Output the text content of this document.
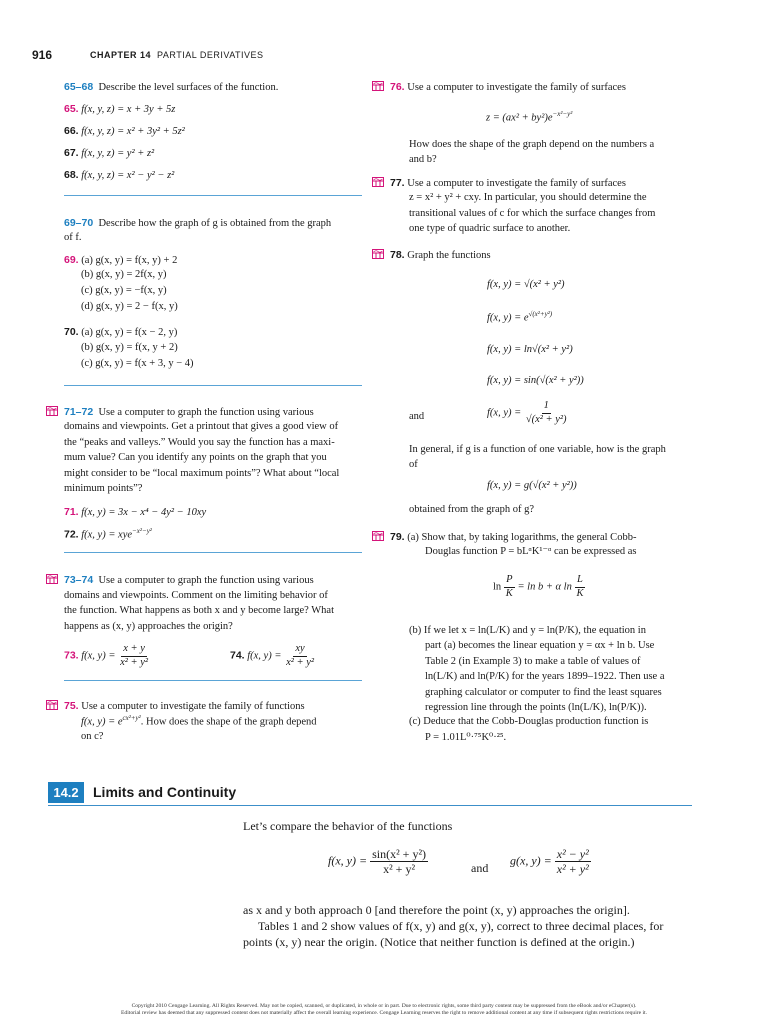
916	CHAPTER 14 PARTIAL DERIVATIVES
65–68 Describe the level surfaces of the function.
65. f(x, y, z) = x + 3y + 5z
66. f(x, y, z) = x² + 3y² + 5z²
67. f(x, y, z) = y² + z²
68. f(x, y, z) = x² − y² − z²
69–70 Describe how the graph of g is obtained from the graph
of f.
69. (a) g(x, y) = f(x, y) + 2
(b) g(x, y) = 2f(x, y)
(c) g(x, y) = −f(x, y)
(d) g(x, y) = 2 − f(x, y)
70. (a) g(x, y) = f(x − 2, y)
(b) g(x, y) = f(x, y + 2)
(c) g(x, y) = f(x + 3, y − 4)
71–72 Use a computer to graph the function using various
domains and viewpoints. Get a printout that gives a good view of
the “peaks and valleys.” Would you say the function has a maxi-
mum value? Can you identify any points on the graph that you
might consider to be “local maximum points”? What about “local
minimum points”?
71. f(x, y) = 3x − x⁴ − 4y² − 10xy
72. f(x, y) = xye$^{-x^2-y^2}$
73–74 Use a computer to graph the function using various
domains and viewpoints. Comment on the limiting behavior of
the function. What happens as both x and y become large? What
happens as (x, y) approaches the origin?
73. f(x, $y) = \frac{x + y}{\text{x² + y²}}$	74. f(x, $y) = \frac{xy}{\text{x² + y²}}$
75. Use a computer to investigate the family of functions
f(x, $y) = e^{cx^2+y^2}$. How does the shape of the graph depend
on c?
76. Use a computer to investigate the family of surfaces
$z = (ax^2 + by^2)e^{-x^2-y^2}$
How does the shape of the graph depend on the numbers a
and b?
77. Use a computer to investigate the family of surfaces
z = x² + y² + cxy. In particular, you should determine the
transitional values of c for which the surface changes from
one type of quadric surface to another.
78. Graph the functions
f(x, y) = √(x² + y²)
f(x, $y) = e^{√(x^2+y^2)}$
f(x, y) = ln√(x² + y²)
f(x, y) = sin(√(x² + y²))
and	f(x, $y) = \frac{1}{\text{√(x² + y²)}}$
In general, if g is a function of one variable, how is the graph
of
f(x, y) = g(√(x² + y²))
obtained from the graph of g?
79. (a) Show that, by taking logarithms, the general Cobb-
Douglas function P = bLᵅK¹⁻ᵅ can be expressed as
$\ln \frac{P}{K} = \ln b + \alpha$ $\ln \frac{L}{K}$
(b) If we let x = ln(L/K) and y = ln(P/K), the equation in
part (a) becomes the linear equation y = αx + ln b. Use
Table 2 (in Example 3) to make a table of values of
ln(L/K) and ln(P/K) for the years 1899–1922. Then use a
graphing calculator or computer to find the least squares
regression line through the points (ln(L/K), ln(P/K)).
(c) Deduce that the Cobb-Douglas production function is
P = 1.01L⁰·⁷⁵K⁰·²⁵.
14.2	Limits and Continuity
Let’s compare the behavior of the functions
f(x, $y) = \frac{\text{sin(x² + y²)}}{\text{x² + y²}}$	and
g(x, $y) = \frac{\text{x² − y²}}{\text{x² + y²}}$
as x and y both approach 0 [and therefore the point (x, y) approaches the origin].
Tables 1 and 2 show values of f(x, y) and g(x, y), correct to three decimal places, for
points (x, y) near the origin. (Notice that neither function is defined at the origin.)
Copyright 2010 Cengage Learning. All Rights Reserved. May not be copied, scanned, or duplicated, in whole or in part. Due to electronic rights, some third party content may be suppressed from the eBook and/or eChapter(s).
Editorial review has deemed that any suppressed content does not materially affect the overall learning experience. Cengage Learning reserves the right to remove additional content at any time if subsequent rights restrictions require it.
